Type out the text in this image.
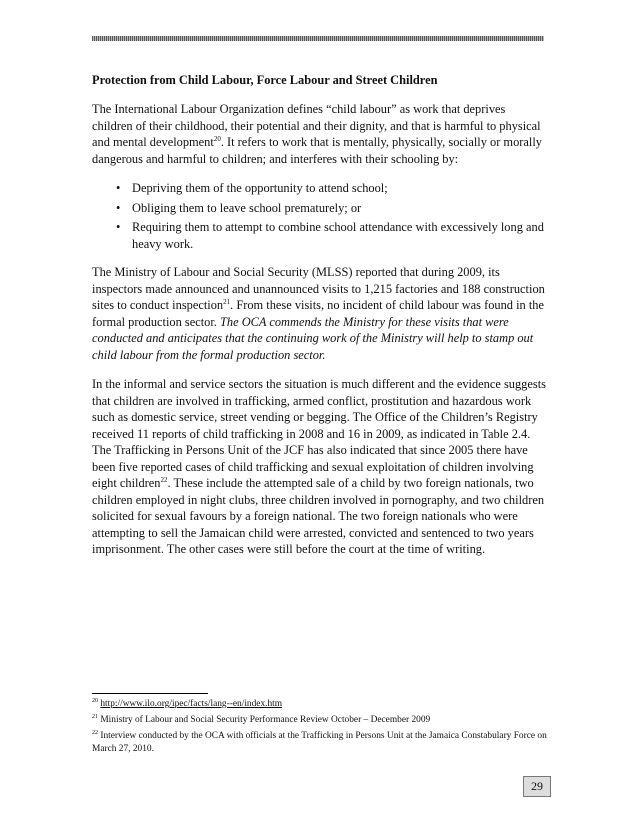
Protection from Child Labour, Force Labour and Street Children

The International Labour Organization defines “child labour” as work that deprives children of their childhood, their potential and their dignity, and that is harmful to physical and mental development$^{20}$. It refers to work that is mentally, physically, socially or morally dangerous and harmful to children; and interferes with their schooling by:

• Depriving them of the opportunity to attend school;
• Obliging them to leave school prematurely; or
• Requiring them to attempt to combine school attendance with excessively long and heavy work.

The Ministry of Labour and Social Security (MLSS) reported that during 2009, its inspectors made announced and unannounced visits to 1,215 factories and 188 construction sites to conduct inspection$^{21}$. From these visits, no incident of child labour was found in the formal production sector. The OCA commends the Ministry for these visits that were conducted and anticipates that the continuing work of the Ministry will help to stamp out child labour from the formal production sector.

In the informal and service sectors the situation is much different and the evidence suggests that children are involved in trafficking, armed conflict, prostitution and hazardous work such as domestic service, street vending or begging. The Office of the Children’s Registry received 11 reports of child trafficking in 2008 and 16 in 2009, as indicated in Table 2.4. The Trafficking in Persons Unit of the JCF has also indicated that since 2005 there have been five reported cases of child trafficking and sexual exploitation of children involving eight children$^{22}$. These include the attempted sale of a child by two foreign nationals, two children employed in night clubs, three children involved in pornography, and two children solicited for sexual favours by a foreign national. The two foreign nationals who were attempting to sell the Jamaican child were arrested, convicted and sentenced to two years imprisonment. The other cases were still before the court at the time of writing.

$^{20}$ http://www.ilo.org/ipec/facts/lang--en/index.htm
$^{21}$ Ministry of Labour and Social Security Performance Review October – December 2009
$^{22}$ Interview conducted by the OCA with officials at the Trafficking in Persons Unit at the Jamaica Constabulary Force on March 27, 2010.
29
